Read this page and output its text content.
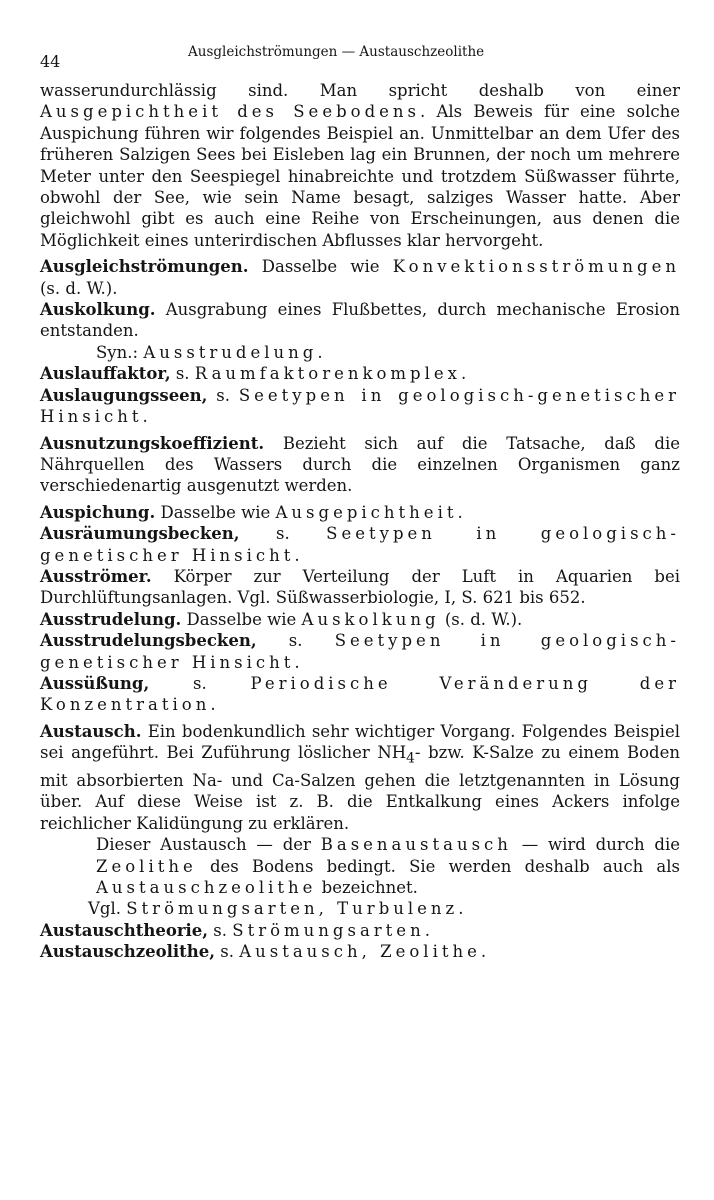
44	Ausgleichströmungen — Austauschzeolithe

wasserundurchlässig sind. Man spricht deshalb von einer Ausgepichtheit des Seebodens. Als Beweis für eine solche Auspichung führen wir folgendes Beispiel an. Unmittelbar an dem Ufer des früheren Salzigen Sees bei Eisleben lag ein Brunnen, der noch um mehrere Meter unter den Seespiegel hinabreichte und trotzdem Süßwasser führte, obwohl der See, wie sein Name besagt, salziges Wasser hatte. Aber gleichwohl gibt es auch eine Reihe von Erscheinungen, aus denen die Möglichkeit eines unterirdischen Abflusses klar hervorgeht.

Ausgleichströmungen. Dasselbe wie Konvektionsströmungen (s. d. W.).

Auskolkung. Ausgrabung eines Flußbettes, durch mechanische Erosion entstanden.

Syn.: Ausstrudelung.

Auslauffaktor, s. Raumfaktorenkomplex.

Auslaugungsseen, s. Seetypen in geologisch-genetischer Hinsicht.

Ausnutzungskoeffizient. Bezieht sich auf die Tatsache, daß die Nährquellen des Wassers durch die einzelnen Organismen ganz verschiedenartig ausgenutzt werden.

Auspichung. Dasselbe wie Ausgepichtheit.

Ausräumungsbecken, s. Seetypen in geologisch-genetischer Hinsicht.

Ausströmer. Körper zur Verteilung der Luft in Aquarien bei Durchlüftungsanlagen. Vgl. Süßwasserbiologie, I, S. 621 bis 652.

Ausstrudelung. Dasselbe wie Auskolkung (s. d. W.).

Ausstrudelungsbecken, s. Seetypen in geologisch-genetischer Hinsicht.

Aussüßung, s. Periodische Veränderung der Konzentration.

Austausch. Ein bodenkundlich sehr wichtiger Vorgang. Folgendes Beispiel sei angeführt. Bei Zuführung löslicher $NH_4-$ bzw. K-Salze zu einem Boden mit absorbierten Na- und Ca-Salzen gehen die letztgenannten in Lösung über. Auf diese Weise ist z. B. die Entkalkung eines Ackers infolge reichlicher Kalidüngung zu erklären.

Dieser Austausch — der Basenaustausch — wird durch die Zeolithe des Bodens bedingt. Sie werden deshalb auch als Austauschzeolithe bezeichnet.

Vgl. Strömungsarten, Turbulenz.

Austauschtheorie, s. Strömungsarten.

Austauschzeolithe, s. Austausch, Zeolithe.
